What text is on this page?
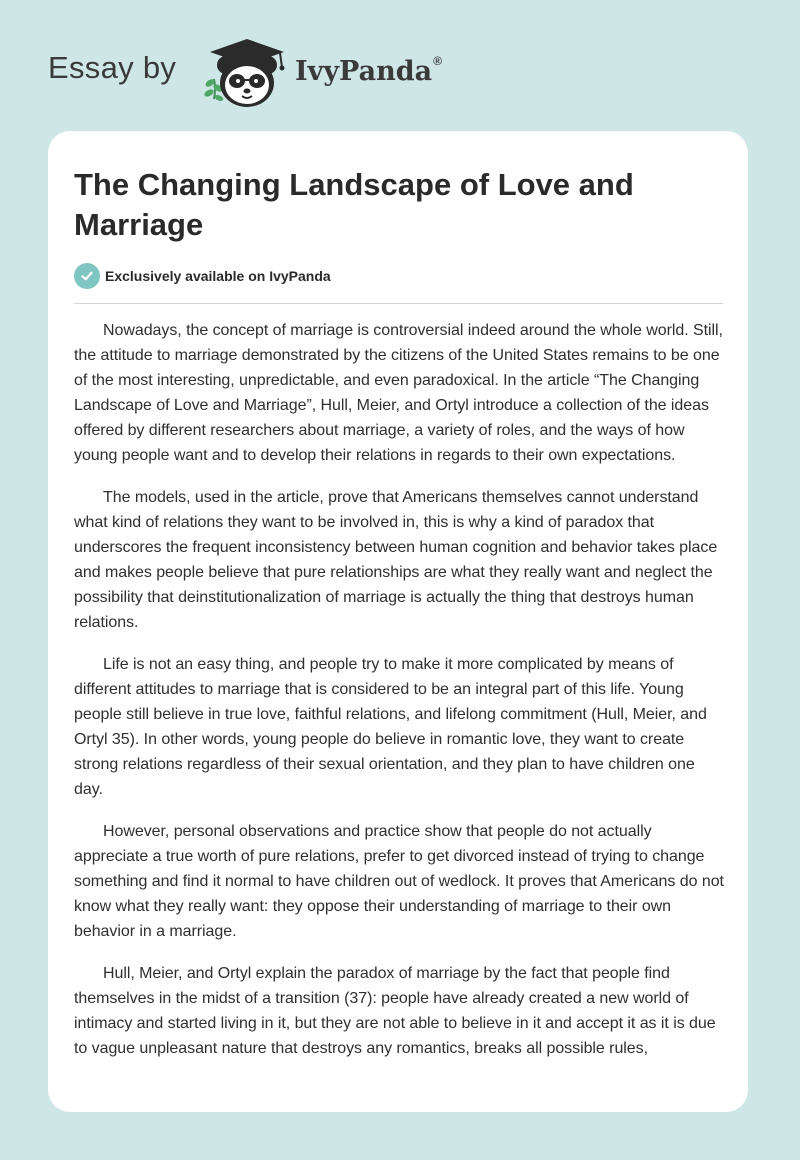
Essay by	IvyPanda®
The Changing Landscape of Love and Marriage
Exclusively available on IvyPanda

Nowadays, the concept of marriage is controversial indeed around the whole world. Still, the attitude to marriage demonstrated by the citizens of the United States remains to be one of the most interesting, unpredictable, and even paradoxical. In the article “The Changing Landscape of Love and Marriage”, Hull, Meier, and Ortyl introduce a collection of the ideas offered by different researchers about marriage, a variety of roles, and the ways of how young people want and to develop their relations in regards to their own expectations.

The models, used in the article, prove that Americans themselves cannot understand what kind of relations they want to be involved in, this is why a kind of paradox that underscores the frequent inconsistency between human cognition and behavior takes place and makes people believe that pure relationships are what they really want and neglect the possibility that deinstitutionalization of marriage is actually the thing that destroys human relations.

Life is not an easy thing, and people try to make it more complicated by means of different attitudes to marriage that is considered to be an integral part of this life. Young people still believe in true love, faithful relations, and lifelong commitment (Hull, Meier, and Ortyl 35). In other words, young people do believe in romantic love, they want to create strong relations regardless of their sexual orientation, and they plan to have children one day.

However, personal observations and practice show that people do not actually appreciate a true worth of pure relations, prefer to get divorced instead of trying to change something and find it normal to have children out of wedlock. It proves that Americans do not know what they really want: they oppose their understanding of marriage to their own behavior in a marriage.

Hull, Meier, and Ortyl explain the paradox of marriage by the fact that people find themselves in the midst of a transition (37): people have already created a new world of intimacy and started living in it, but they are not able to believe in it and accept it as it is due to vague unpleasant nature that destroys any romantics, breaks all possible rules,
